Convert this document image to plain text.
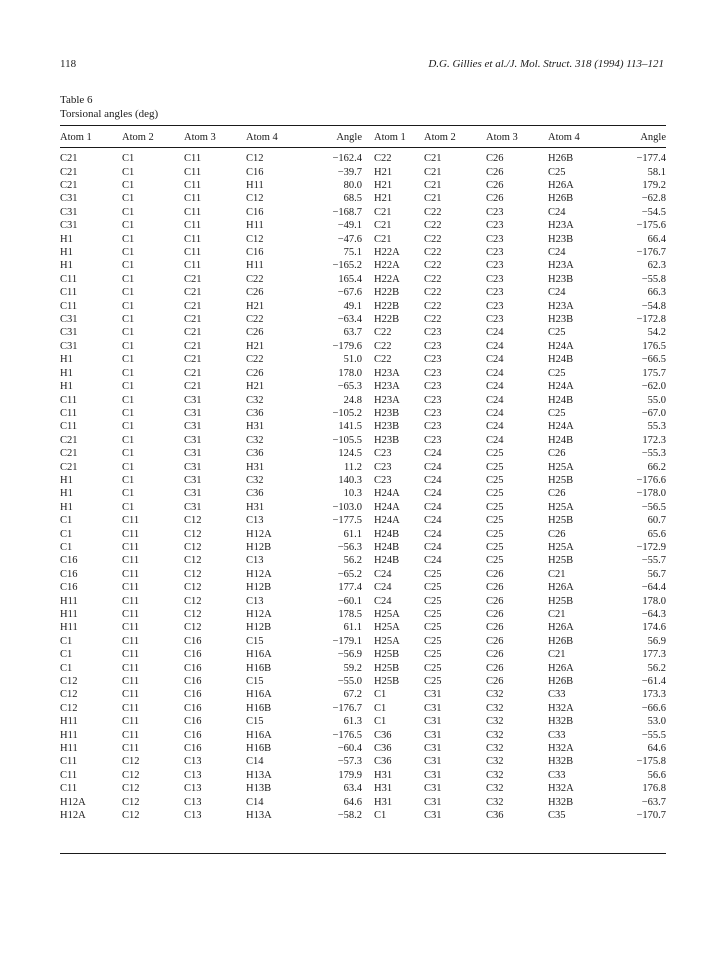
118	D.G. Gillies et al./J. Mol. Struct. 318 (1994) 113–121
Table 6
Torsional angles (deg)
Atom 1	Atom 2	Atom 3	Atom 4	Angle	Atom 1	Atom 2	Atom 3	Atom 4	Angle
C21	C1	C11	C12	−162.4	C22	C21	C26	H26B	−177.4
C21	C1	C11	C16	−39.7	H21	C21	C26	C25	58.1
C21	C1	C11	H11	80.0	H21	C21	C26	H26A	179.2
C31	C1	C11	C12	68.5	H21	C21	C26	H26B	−62.8
C31	C1	C11	C16	−168.7	C21	C22	C23	C24	−54.5
C31	C1	C11	H11	−49.1	C21	C22	C23	H23A	−175.6
H1	C1	C11	C12	−47.6	C21	C22	C23	H23B	66.4
H1	C1	C11	C16	75.1	H22A	C22	C23	C24	−176.7
H1	C1	C11	H11	−165.2	H22A	C22	C23	H23A	62.3
C11	C1	C21	C22	165.4	H22A	C22	C23	H23B	−55.8
C11	C1	C21	C26	−67.6	H22B	C22	C23	C24	66.3
C11	C1	C21	H21	49.1	H22B	C22	C23	H23A	−54.8
C31	C1	C21	C22	−63.4	H22B	C22	C23	H23B	−172.8
C31	C1	C21	C26	63.7	C22	C23	C24	C25	54.2
C31	C1	C21	H21	−179.6	C22	C23	C24	H24A	176.5
H1	C1	C21	C22	51.0	C22	C23	C24	H24B	−66.5
H1	C1	C21	C26	178.0	H23A	C23	C24	C25	175.7
H1	C1	C21	H21	−65.3	H23A	C23	C24	H24A	−62.0
C11	C1	C31	C32	24.8	H23A	C23	C24	H24B	55.0
C11	C1	C31	C36	−105.2	H23B	C23	C24	C25	−67.0
C11	C1	C31	H31	141.5	H23B	C23	C24	H24A	55.3
C21	C1	C31	C32	−105.5	H23B	C23	C24	H24B	172.3
C21	C1	C31	C36	124.5	C23	C24	C25	C26	−55.3
C21	C1	C31	H31	11.2	C23	C24	C25	H25A	66.2
H1	C1	C31	C32	140.3	C23	C24	C25	H25B	−176.6
H1	C1	C31	C36	10.3	H24A	C24	C25	C26	−178.0
H1	C1	C31	H31	−103.0	H24A	C24	C25	H25A	−56.5
C1	C11	C12	C13	−177.5	H24A	C24	C25	H25B	60.7
C1	C11	C12	H12A	61.1	H24B	C24	C25	C26	65.6
C1	C11	C12	H12B	−56.3	H24B	C24	C25	H25A	−172.9
C16	C11	C12	C13	56.2	H24B	C24	C25	H25B	−55.7
C16	C11	C12	H12A	−65.2	C24	C25	C26	C21	56.7
C16	C11	C12	H12B	177.4	C24	C25	C26	H26A	−64.4
H11	C11	C12	C13	−60.1	C24	C25	C26	H25B	178.0
H11	C11	C12	H12A	178.5	H25A	C25	C26	C21	−64.3
H11	C11	C12	H12B	61.1	H25A	C25	C26	H26A	174.6
C1	C11	C16	C15	−179.1	H25A	C25	C26	H26B	56.9
C1	C11	C16	H16A	−56.9	H25B	C25	C26	C21	177.3
C1	C11	C16	H16B	59.2	H25B	C25	C26	H26A	56.2
C12	C11	C16	C15	−55.0	H25B	C25	C26	H26B	−61.4
C12	C11	C16	H16A	67.2	C1	C31	C32	C33	173.3
C12	C11	C16	H16B	−176.7	C1	C31	C32	H32A	−66.6
H11	C11	C16	C15	61.3	C1	C31	C32	H32B	53.0
H11	C11	C16	H16A	−176.5	C36	C31	C32	C33	−55.5
H11	C11	C16	H16B	−60.4	C36	C31	C32	H32A	64.6
C11	C12	C13	C14	−57.3	C36	C31	C32	H32B	−175.8
C11	C12	C13	H13A	179.9	H31	C31	C32	C33	56.6
C11	C12	C13	H13B	63.4	H31	C31	C32	H32A	176.8
H12A	C12	C13	C14	64.6	H31	C31	C32	H32B	−63.7
H12A	C12	C13	H13A	−58.2	C1	C31	C36	C35	−170.7
